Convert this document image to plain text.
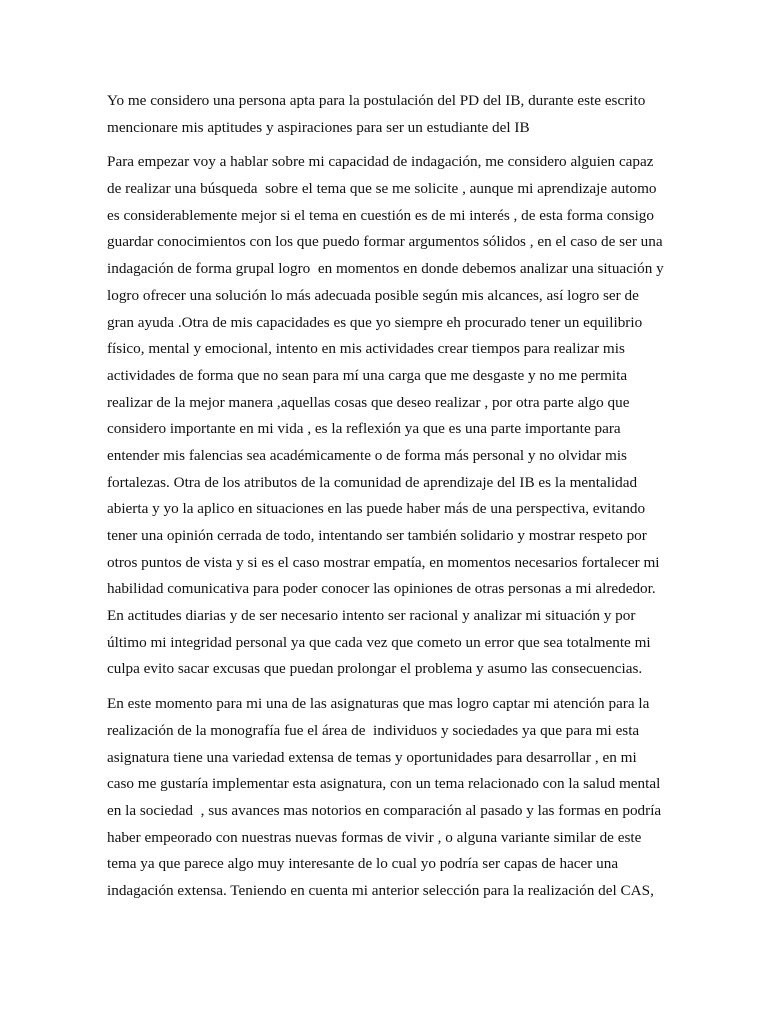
Yo me considero una persona apta para la postulación del PD del IB, durante este escrito
mencionare mis aptitudes y aspiraciones para ser un estudiante del IB
Para empezar voy a hablar sobre mi capacidad de indagación, me considero alguien capaz
de realizar una búsqueda  sobre el tema que se me solicite , aunque mi aprendizaje automo
es considerablemente mejor si el tema en cuestión es de mi interés , de esta forma consigo
guardar conocimientos con los que puedo formar argumentos sólidos , en el caso de ser una
indagación de forma grupal logro  en momentos en donde debemos analizar una situación y
logro ofrecer una solución lo más adecuada posible según mis alcances, así logro ser de
gran ayuda .Otra de mis capacidades es que yo siempre eh procurado tener un equilibrio
físico, mental y emocional, intento en mis actividades crear tiempos para realizar mis
actividades de forma que no sean para mí una carga que me desgaste y no me permita
realizar de la mejor manera ,aquellas cosas que deseo realizar , por otra parte algo que
considero importante en mi vida , es la reflexión ya que es una parte importante para
entender mis falencias sea académicamente o de forma más personal y no olvidar mis
fortalezas. Otra de los atributos de la comunidad de aprendizaje del IB es la mentalidad
abierta y yo la aplico en situaciones en las puede haber más de una perspectiva, evitando
tener una opinión cerrada de todo, intentando ser también solidario y mostrar respeto por
otros puntos de vista y si es el caso mostrar empatía, en momentos necesarios fortalecer mi
habilidad comunicativa para poder conocer las opiniones de otras personas a mi alrededor.
En actitudes diarias y de ser necesario intento ser racional y analizar mi situación y por
último mi integridad personal ya que cada vez que cometo un error que sea totalmente mi
culpa evito sacar excusas que puedan prolongar el problema y asumo las consecuencias.
En este momento para mi una de las asignaturas que mas logro captar mi atención para la
realización de la monografía fue el área de  individuos y sociedades ya que para mi esta
asignatura tiene una variedad extensa de temas y oportunidades para desarrollar , en mi
caso me gustaría implementar esta asignatura, con un tema relacionado con la salud mental
en la sociedad  , sus avances mas notorios en comparación al pasado y las formas en podría
haber empeorado con nuestras nuevas formas de vivir , o alguna variante similar de este
tema ya que parece algo muy interesante de lo cual yo podría ser capas de hacer una
indagación extensa. Teniendo en cuenta mi anterior selección para la realización del CAS,
